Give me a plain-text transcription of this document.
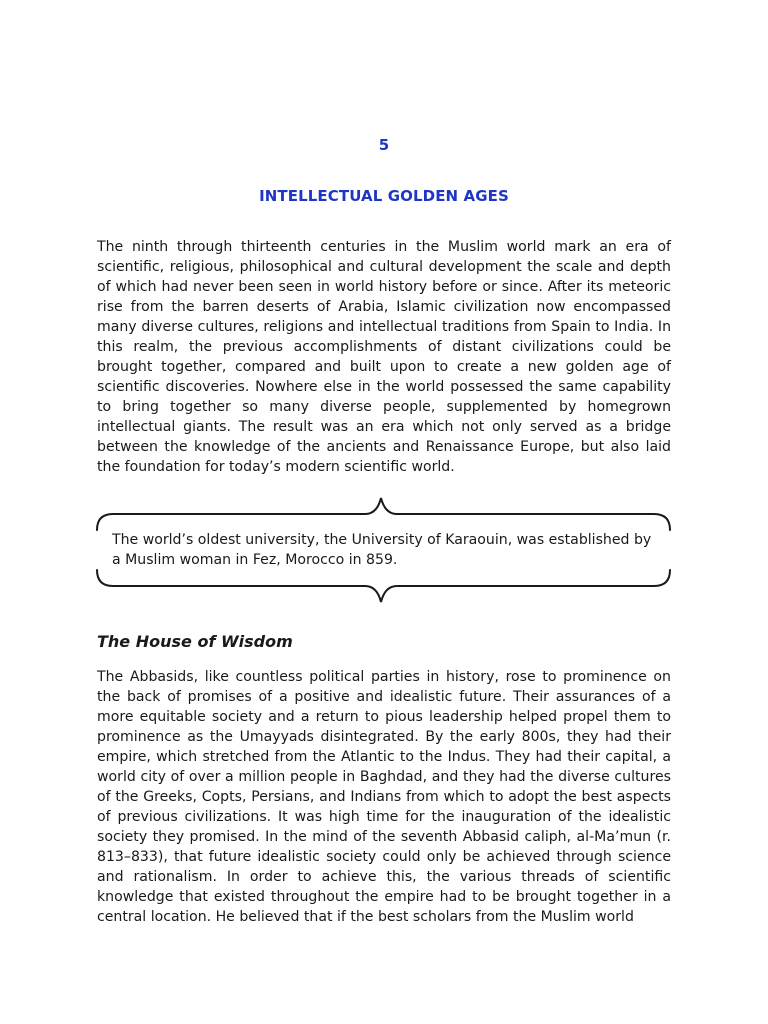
5
INTELLECTUAL GOLDEN AGES

The ninth through thirteenth centuries in the Muslim world mark an era of scientific, religious, philosophical and cultural development the scale and depth of which had never been seen in world history before or since. After its meteoric rise from the barren deserts of Arabia, Islamic civilization now encompassed many diverse cultures, religions and intellectual traditions from Spain to India. In this realm, the previous accomplishments of distant civilizations could be brought together, compared and built upon to create a new golden age of scientific discoveries. Nowhere else in the world possessed the same capability to bring together so many diverse people, supplemented by homegrown intellectual giants. The result was an era which not only served as a bridge between the knowledge of the ancients and Renaissance Europe, but also laid the foundation for today’s modern scientific world.

The world’s oldest university, the University of Karaouin, was established by a Muslim woman in Fez, Morocco in 859.

The House of Wisdom

The Abbasids, like countless political parties in history, rose to prominence on the back of promises of a positive and idealistic future. Their assurances of a more equitable society and a return to pious leadership helped propel them to prominence as the Umayyads disintegrated. By the early 800s, they had their empire, which stretched from the Atlantic to the Indus. They had their capital, a world city of over a million people in Baghdad, and they had the diverse cultures of the Greeks, Copts, Persians, and Indians from which to adopt the best aspects of previous civilizations. It was high time for the inauguration of the idealistic society they promised. In the mind of the seventh Abbasid caliph, al-Ma’mun (r. 813–833), that future idealistic society could only be achieved through science and rationalism. In order to achieve this, the various threads of scientific knowledge that existed throughout the empire had to be brought together in a central location. He believed that if the best scholars from the Muslim world
